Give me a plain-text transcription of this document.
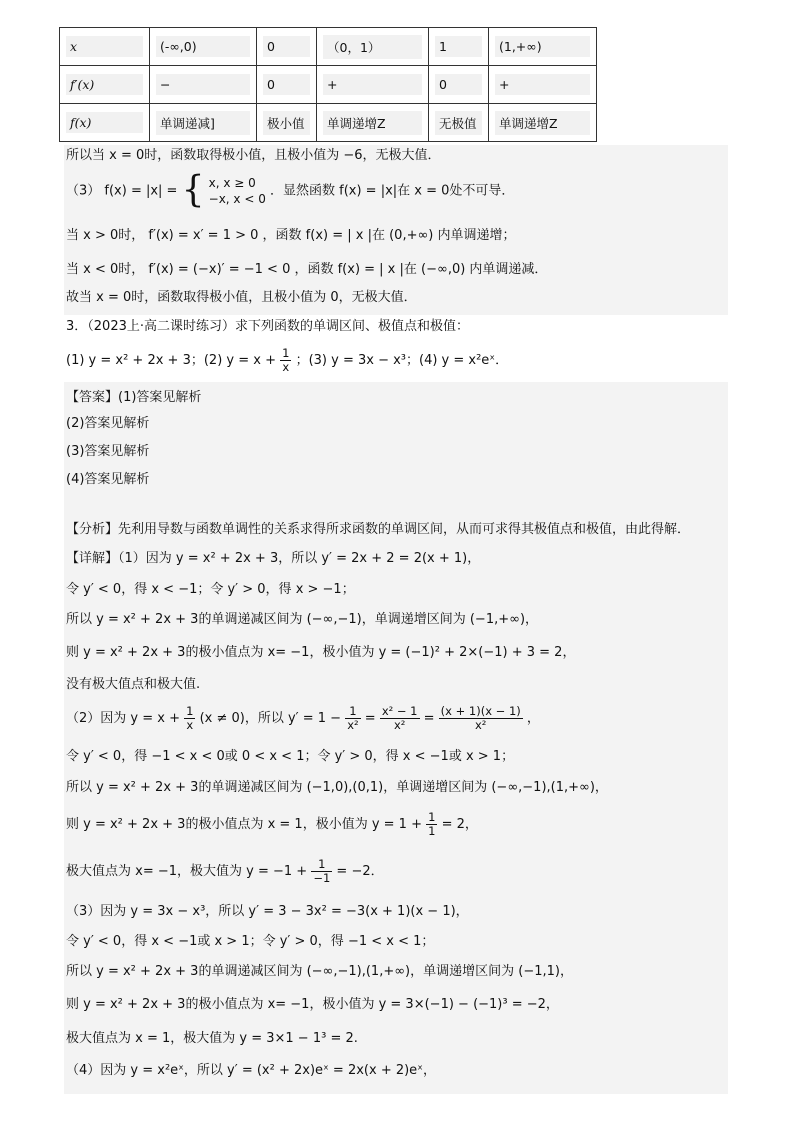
x	(-∞,0)	0	（0，1）	1	(1,+∞)

f′(x)	−	0	+	0	+

f(x)	单调递减]	极小值	单调递增Z	无极值	单调递增Z
所以当 x = 0时，函数取得极小值，且极小值为 −6，无极大值．
（3） f(x) = |x| = { x, x ≥ 0
−x, x < 0 ．显然函数 f(x) = |x|在 x = 0处不可导．
当 x > 0时， f′(x) = x′ = 1 > 0 ，函数 f(x) = | x |在 (0,+∞) 内单调递增；
当 x < 0时， f′(x) = (−x)′ = −1 < 0 ，函数 f(x) = | x |在 (−∞,0) 内单调递减．
故当 x = 0时，函数取得极小值，且极小值为 0，无极大值．
3．（2023上·高二课时练习）求下列函数的单调区间、极值点和极值：
(1) y = x² + 2x + 3；(2) $y = x + \frac{1}{x}$ ；(3) y = 3x − x³；(4) y = x²eˣ．
【答案】(1)答案见解析
(2)答案见解析
(3)答案见解析
(4)答案见解析
【分析】先利用导数与函数单调性的关系求得所求函数的单调区间，从而可求得其极值点和极值，由此得解．
【详解】（1）因为 y = x² + 2x + 3，所以 y′ = 2x + 2 = 2(x + 1)，
令 y′ < 0，得 x < −1；令 y′ > 0，得 x > −1；
所以 y = x² + 2x + 3的单调递减区间为 (−∞,−1)，单调递增区间为 (−1,+∞)，
则 y = x² + 2x + 3的极小值点为 x= −1，极小值为 y = (−1)² + 2×(−1) + 3 = 2，
没有极大值点和极大值.
（2）因为 $y = x + \frac{1}{x} (x \ne 0)$，所以 $y' = 1 - \frac{1}{\text{x²}} = \frac{\text{x² − 1}}{\text{x²}} = \frac{(x + 1)(x - 1)}{\text{x²}}$ ，
令 y′ < 0，得 −1 < x < 0或 0 < x < 1；令 y′ > 0，得 x < −1或 x > 1；
所以 y = x² + 2x + 3的单调递减区间为 (−1,0),(0,1)，单调递增区间为 (−∞,−1),(1,+∞)，
则 y = x² + 2x + 3的极小值点为 x = 1，极小值为 $y = 1 + \frac{1}{1} = 2$，
极大值点为 x= −1，极大值为 $y = -1 + \frac{1}{-1} = -2$．
（3）因为 y = 3x − x³，所以 y′ = 3 − 3x² = −3(x + 1)(x − 1)，
令 y′ < 0，得 x < −1或 x > 1；令 y′ > 0，得 −1 < x < 1；
所以 y = x² + 2x + 3的单调递减区间为 (−∞,−1),(1,+∞)，单调递增区间为 (−1,1)，
则 y = x² + 2x + 3的极小值点为 x= −1，极小值为 y = 3×(−1) − (−1)³ = −2，
极大值点为 x = 1，极大值为 y = 3×1 − 1³ = 2.
（4）因为 y = x²eˣ，所以 y′ = (x² + 2x)eˣ = 2x(x + 2)eˣ，
